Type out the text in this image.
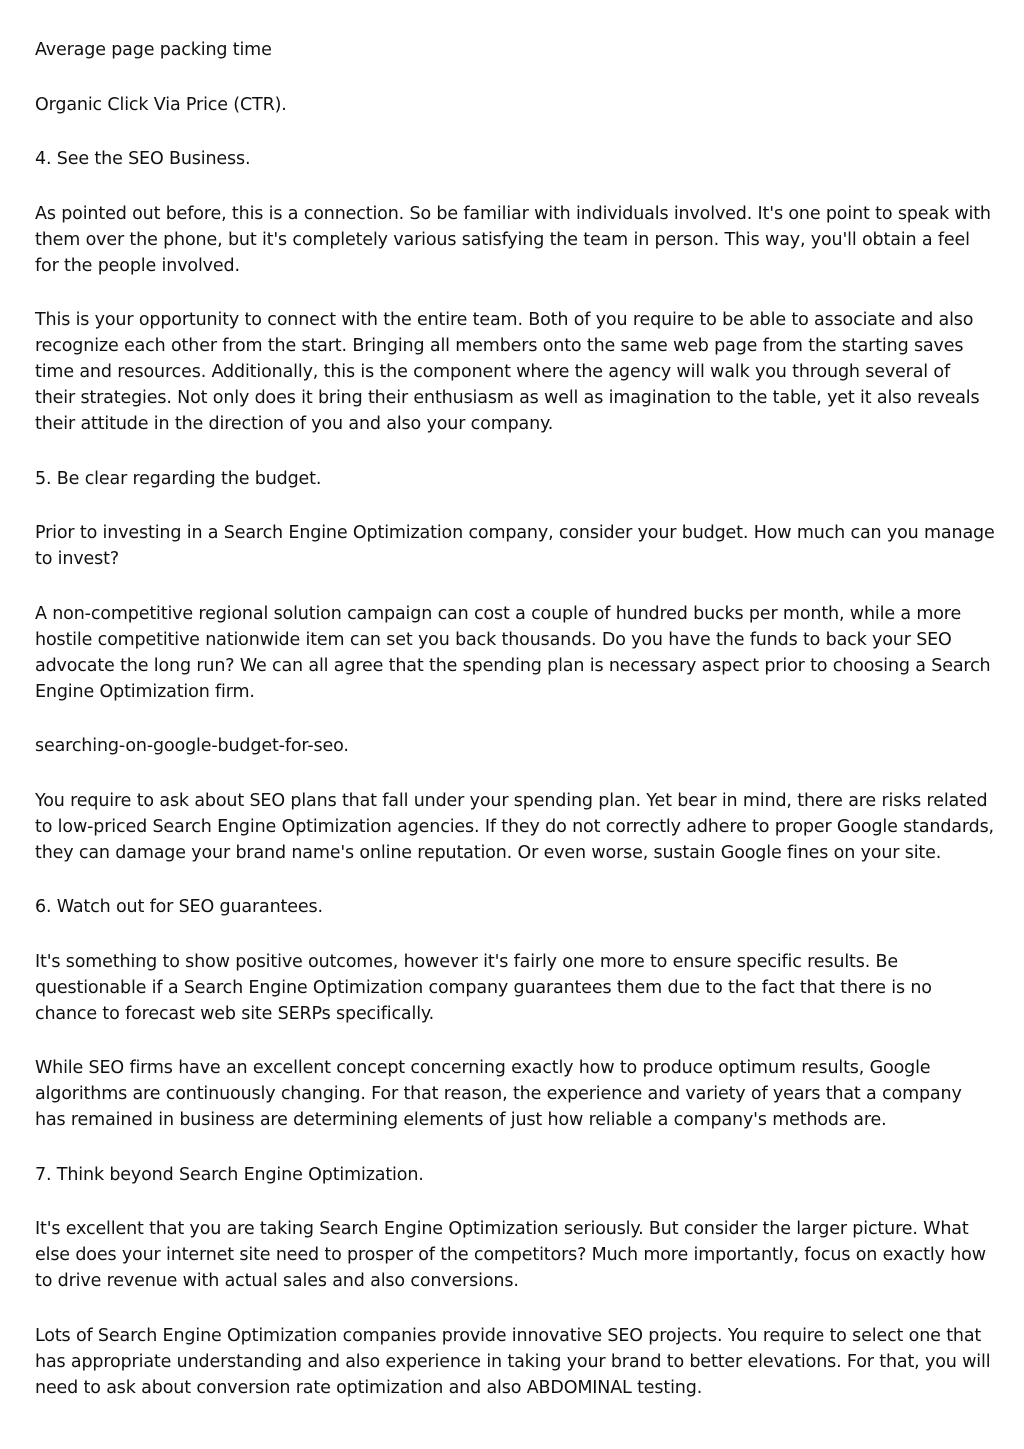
Average page packing time

Organic Click Via Price (CTR).

4. See the SEO Business.

As pointed out before, this is a connection. So be familiar with individuals involved. It's one point to speak with them over the phone, but it's completely various satisfying the team in person. This way, you'll obtain a feel for the people involved.

This is your opportunity to connect with the entire team. Both of you require to be able to associate and also recognize each other from the start. Bringing all members onto the same web page from the starting saves time and resources. Additionally, this is the component where the agency will walk you through several of their strategies. Not only does it bring their enthusiasm as well as imagination to the table, yet it also reveals their attitude in the direction of you and also your company.

5. Be clear regarding the budget.

Prior to investing in a Search Engine Optimization company, consider your budget. How much can you manage to invest?

A non-competitive regional solution campaign can cost a couple of hundred bucks per month, while a more hostile competitive nationwide item can set you back thousands. Do you have the funds to back your SEO advocate the long run? We can all agree that the spending plan is necessary aspect prior to choosing a Search Engine Optimization firm.

searching-on-google-budget-for-seo.

You require to ask about SEO plans that fall under your spending plan. Yet bear in mind, there are risks related to low-priced Search Engine Optimization agencies. If they do not correctly adhere to proper Google standards, they can damage your brand name's online reputation. Or even worse, sustain Google fines on your site.

6. Watch out for SEO guarantees.

It's something to show positive outcomes, however it's fairly one more to ensure specific results. Be questionable if a Search Engine Optimization company guarantees them due to the fact that there is no chance to forecast web site SERPs specifically.

While SEO firms have an excellent concept concerning exactly how to produce optimum results, Google algorithms are continuously changing. For that reason, the experience and variety of years that a company has remained in business are determining elements of just how reliable a company's methods are.

7. Think beyond Search Engine Optimization.

It's excellent that you are taking Search Engine Optimization seriously. But consider the larger picture. What else does your internet site need to prosper of the competitors? Much more importantly, focus on exactly how to drive revenue with actual sales and also conversions.

Lots of Search Engine Optimization companies provide innovative SEO projects. You require to select one that has appropriate understanding and also experience in taking your brand to better elevations. For that, you will need to ask about conversion rate optimization and also ABDOMINAL testing.
